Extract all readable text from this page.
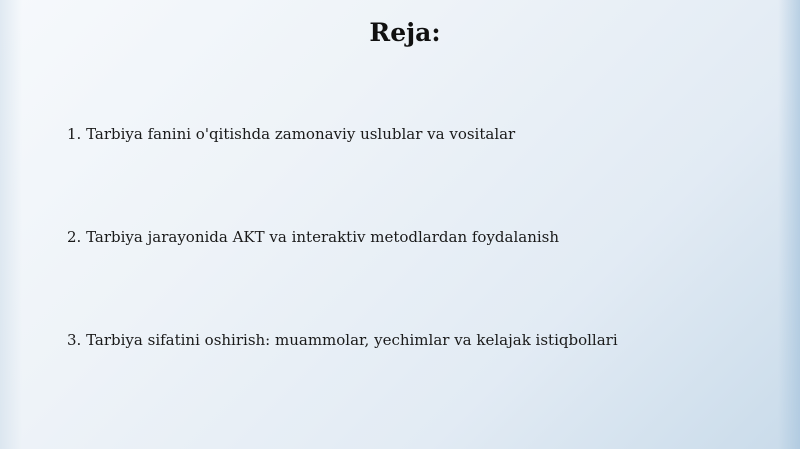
Reja:

1. Tarbiya fanini o'qitishda zamonaviy uslublar va vositalar

2. Tarbiya jarayonida AKT va interaktiv metodlardan foydalanish

3. Tarbiya sifatini oshirish: muammolar, yechimlar va kelajak istiqbollari
